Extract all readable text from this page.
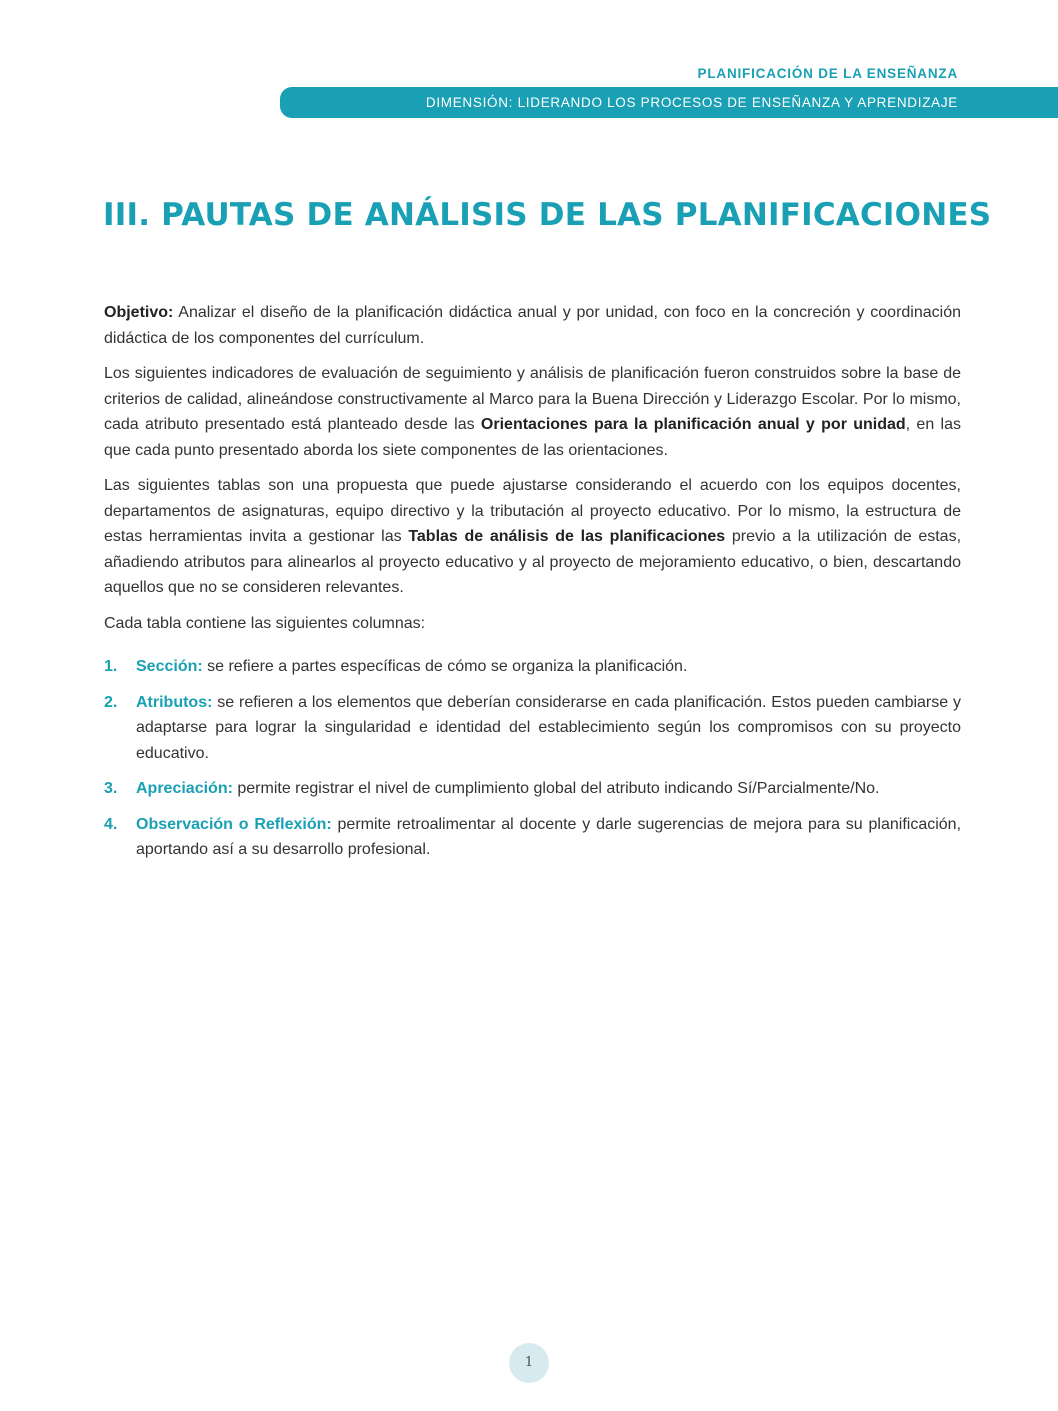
PLANIFICACIÓN DE LA ENSEÑANZA
DIMENSIÓN: LIDERANDO LOS PROCESOS DE ENSEÑANZA Y APRENDIZAJE
III. PAUTAS DE ANÁLISIS DE LAS PLANIFICACIONES

Objetivo: Analizar el diseño de la planificación didáctica anual y por unidad, con foco en la concreción y coordinación didáctica de los componentes del currículum.

Los siguientes indicadores de evaluación de seguimiento y análisis de planificación fueron construidos sobre la base de criterios de calidad, alineándose constructivamente al Marco para la Buena Dirección y Liderazgo Escolar. Por lo mismo, cada atributo presentado está planteado desde las Orientaciones para la planificación anual y por unidad, en las que cada punto presentado aborda los siete componentes de las orientaciones.

Las siguientes tablas son una propuesta que puede ajustarse considerando el acuerdo con los equipos docentes, departamentos de asignaturas, equipo directivo y la tributación al proyecto educativo. Por lo mismo, la estructura de estas herramientas invita a gestionar las Tablas de análisis de las planificaciones previo a la utilización de estas, añadiendo atributos para alinearlos al proyecto educativo y al proyecto de mejoramiento educativo, o bien, descartando aquellos que no se consideren relevantes.

Cada tabla contiene las siguientes columnas:

1. Sección: se refiere a partes específicas de cómo se organiza la planificación.
2. Atributos: se refieren a los elementos que deberían considerarse en cada planificación. Estos pueden cambiarse y adaptarse para lograr la singularidad e identidad del establecimiento según los compromisos con su proyecto educativo.
3. Apreciación: permite registrar el nivel de cumplimiento global del atributo indicando Sí/Parcialmente/No.
4. Observación o Reflexión: permite retroalimentar al docente y darle sugerencias de mejora para su planificación, aportando así a su desarrollo profesional.
1
